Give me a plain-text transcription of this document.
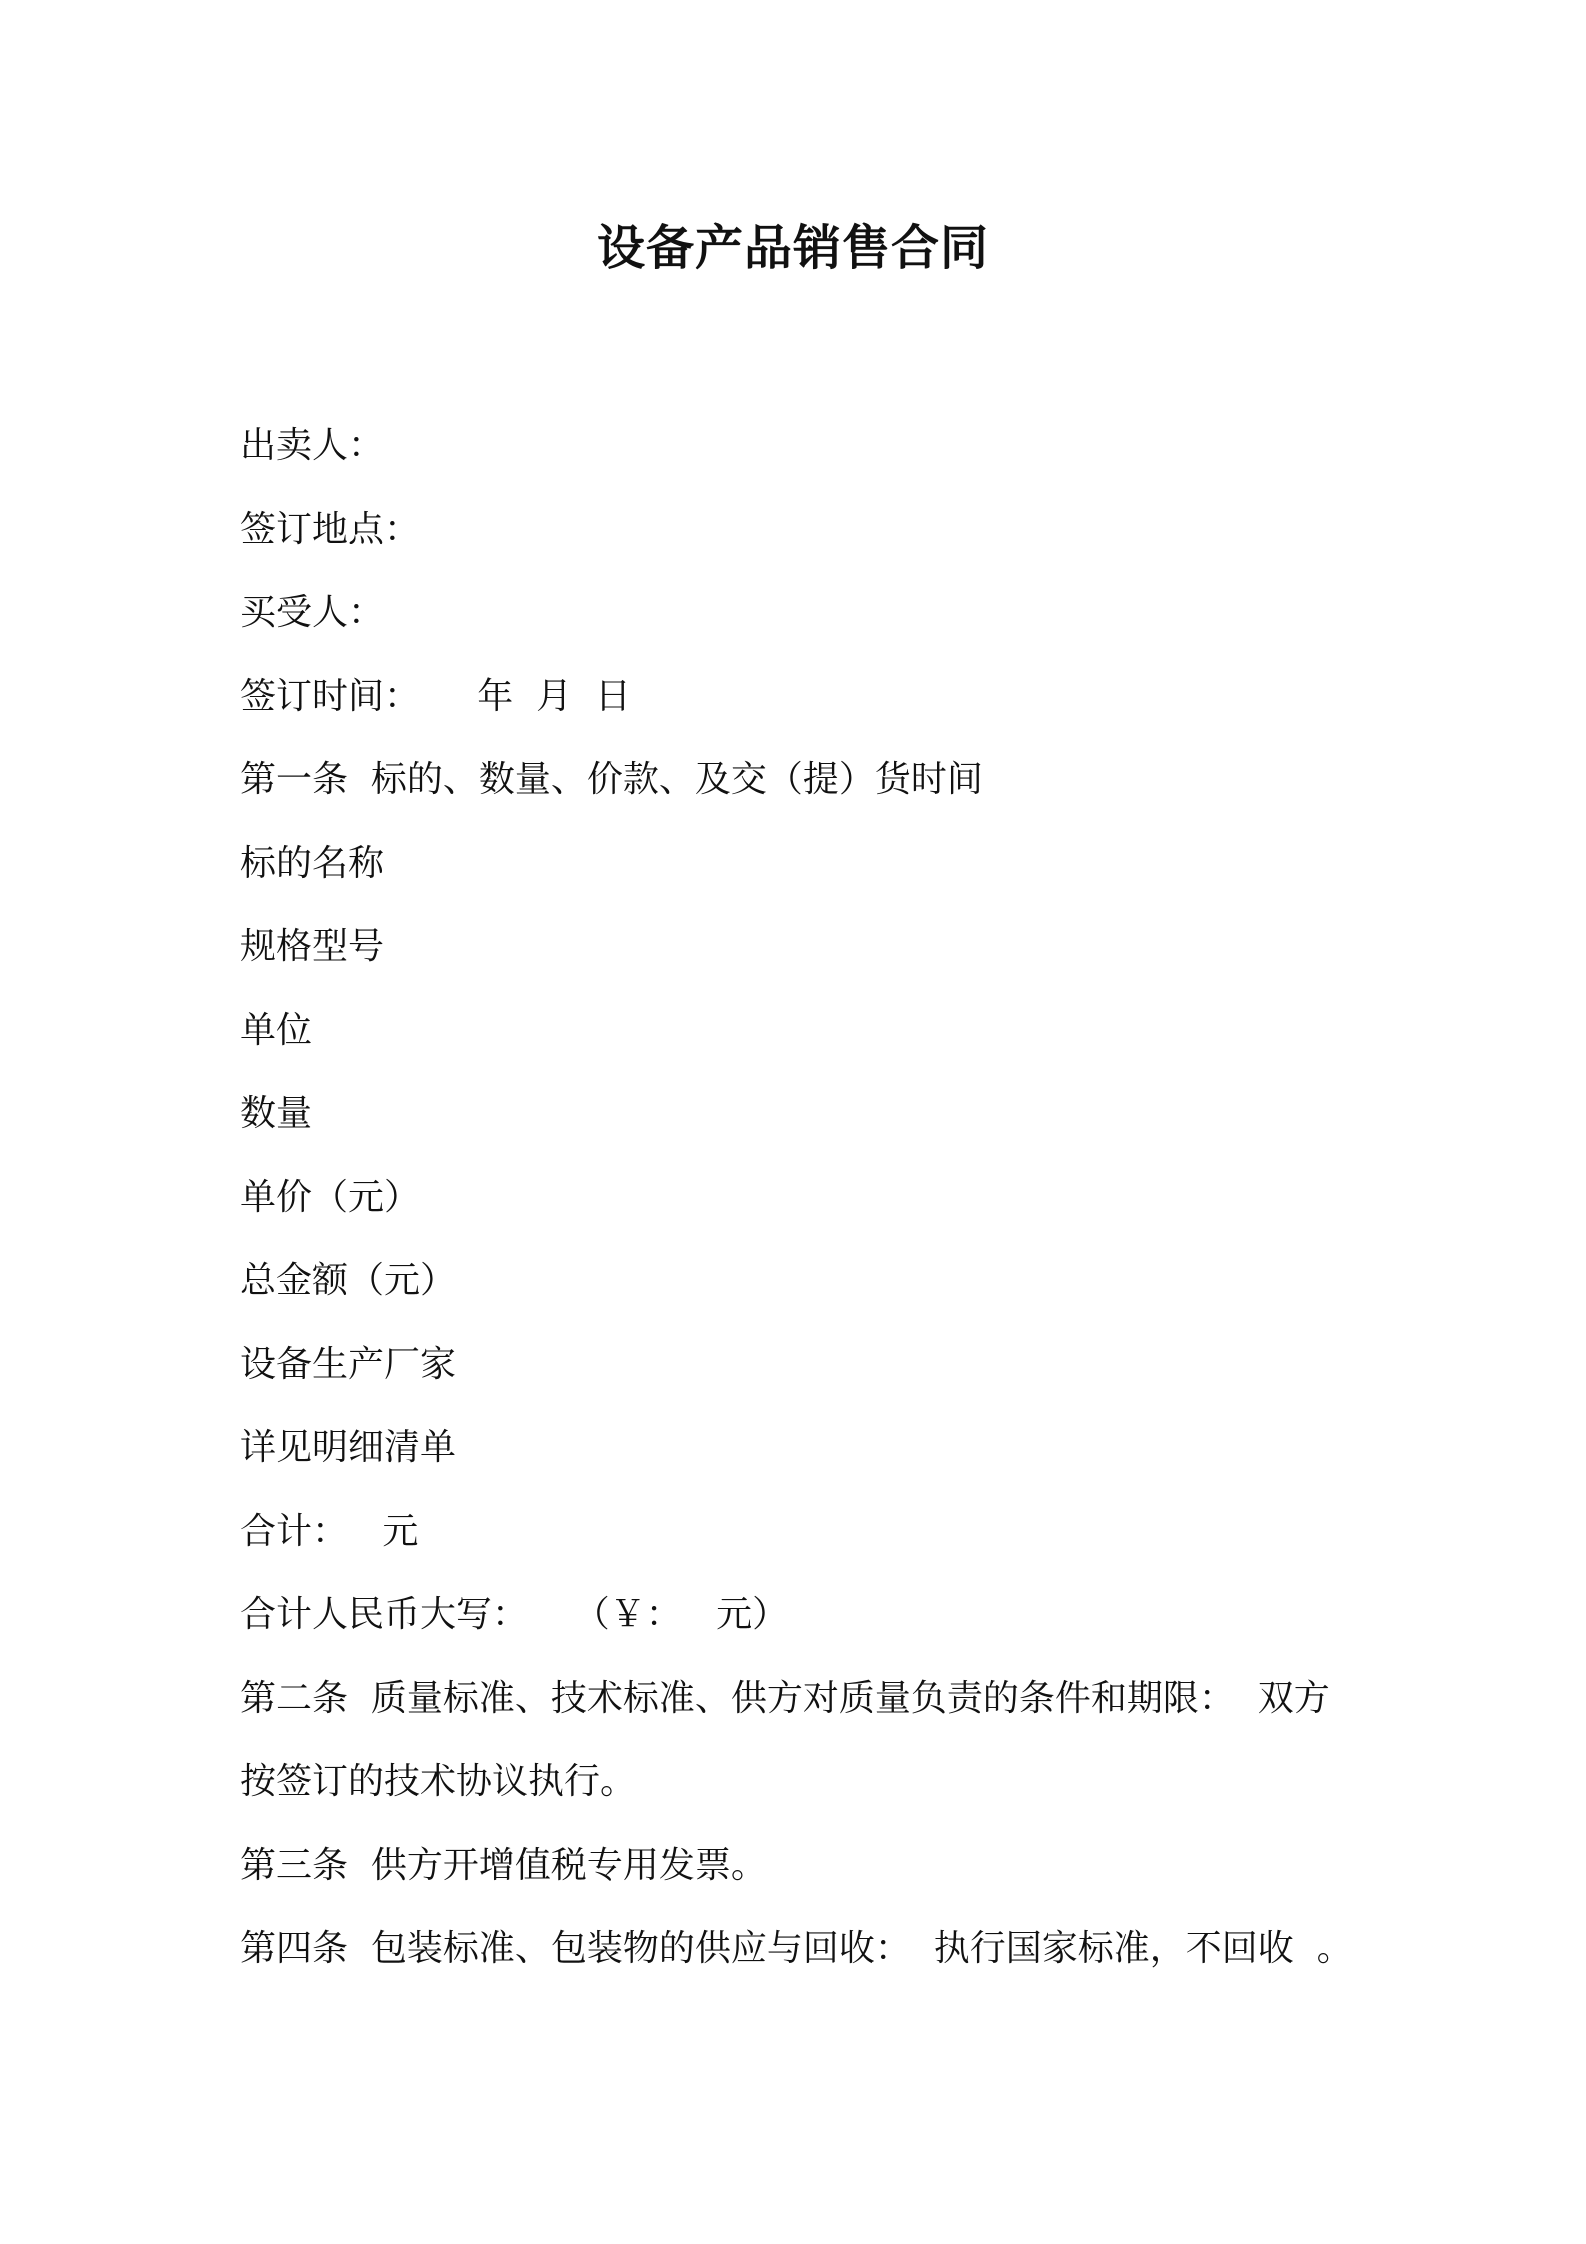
设备产品销售合同
出卖人：
签订地点：
买受人：
签订时间：     年  月  日
第一条  标的、数量、价款、及交（提）货时间
标的名称
规格型号
单位
数量
单价（元）
总金额（元）
设备生产厂家
详见明细清单
合计：   元
合计人民币大写：    （￥：   元）
第二条  质量标准、技术标准、供方对质量负责的条件和期限：  双方
按签订的技术协议执行。
第三条  供方开增值税专用发票。
第四条  包装标准、包装物的供应与回收：  执行国家标准，不回收  。
